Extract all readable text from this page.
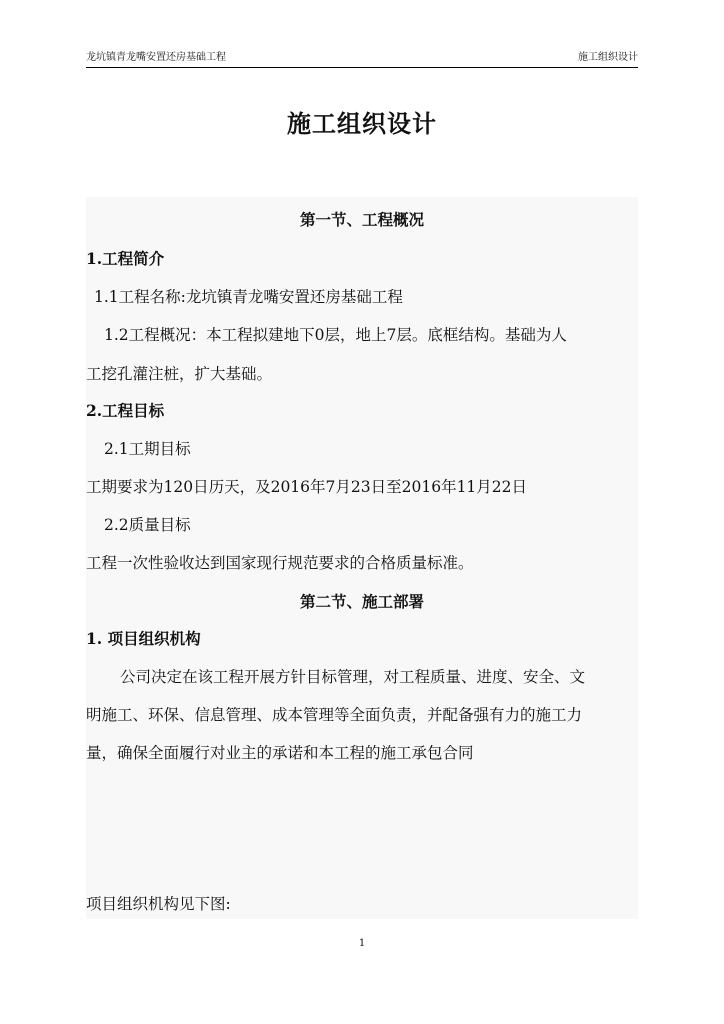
龙坑镇青龙嘴安置还房基础工程	施工组织设计
施工组织设计
第一节、工程概况
1.工程简介
1.1工程名称:龙坑镇青龙嘴安置还房基础工程
1.2工程概况：本工程拟建地下0层，地上7层。底框结构。基础为人
工挖孔灌注桩，扩大基础。
2.工程目标
2.1工期目标
工期要求为120日历天，及2016年7月23日至2016年11月22日
2.2质量目标
工程一次性验收达到国家现行规范要求的合格质量标准。
第二节、施工部署
1. 项目组织机构
公司决定在该工程开展方针目标管理，对工程质量、进度、安全、文
明施工、环保、信息管理、成本管理等全面负责，并配备强有力的施工力
量，确保全面履行对业主的承诺和本工程的施工承包合同
项目组织机构见下图:
1
